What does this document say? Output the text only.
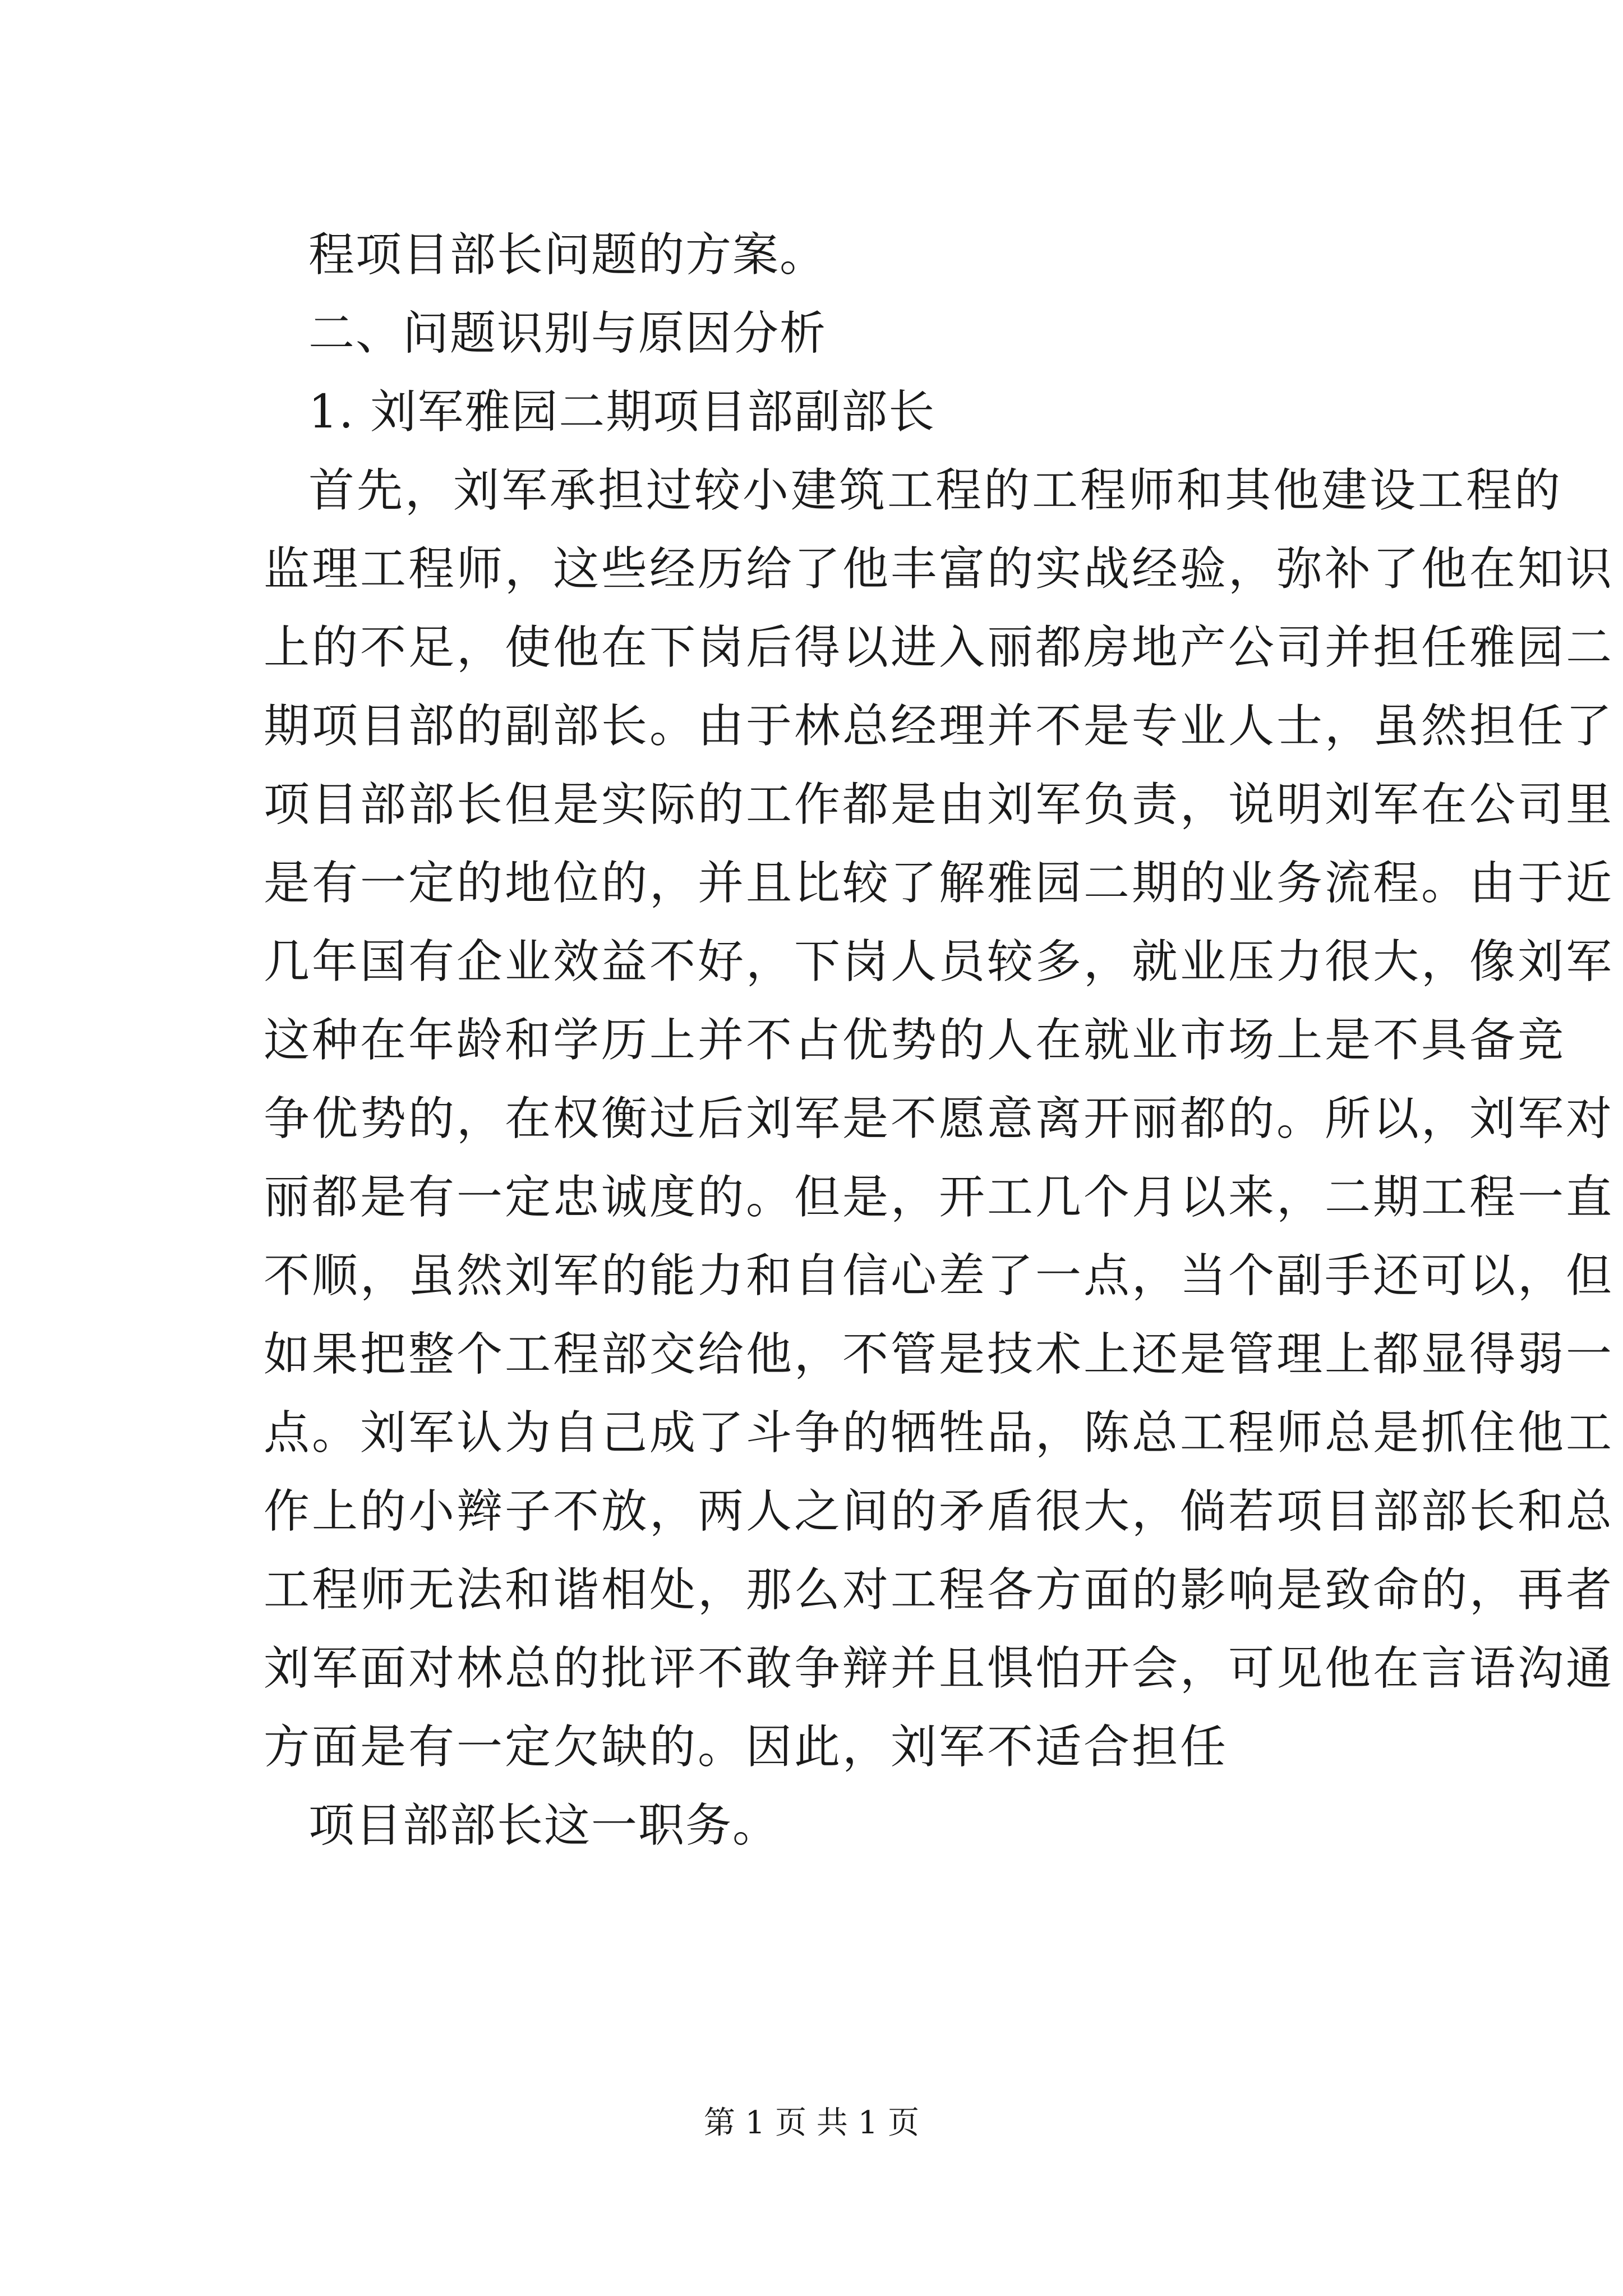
程项目部长问题的方案。
二、问题识别与原因分析
1. 刘军雅园二期项目部副部长
首先，刘军承担过较小建筑工程的工程师和其他建设工程的
监理工程师，这些经历给了他丰富的实战经验，弥补了他在知识
上的不足，使他在下岗后得以进入丽都房地产公司并担任雅园二
期项目部的副部长。由于林总经理并不是专业人士，虽然担任了
项目部部长但是实际的工作都是由刘军负责，说明刘军在公司里
是有一定的地位的，并且比较了解雅园二期的业务流程。由于近
几年国有企业效益不好，下岗人员较多，就业压力很大，像刘军
这种在年龄和学历上并不占优势的人在就业市场上是不具备竞
争优势的，在权衡过后刘军是不愿意离开丽都的。所以，刘军对
丽都是有一定忠诚度的。但是，开工几个月以来，二期工程一直
不顺，虽然刘军的能力和自信心差了一点，当个副手还可以，但
如果把整个工程部交给他，不管是技术上还是管理上都显得弱一
点。刘军认为自己成了斗争的牺牲品，陈总工程师总是抓住他工
作上的小辫子不放，两人之间的矛盾很大，倘若项目部部长和总
工程师无法和谐相处，那么对工程各方面的影响是致命的，再者
刘军面对林总的批评不敢争辩并且惧怕开会，可见他在言语沟通
方面是有一定欠缺的。因此，刘军不适合担任
项目部部长这一职务。
第 1 页 共 1 页
